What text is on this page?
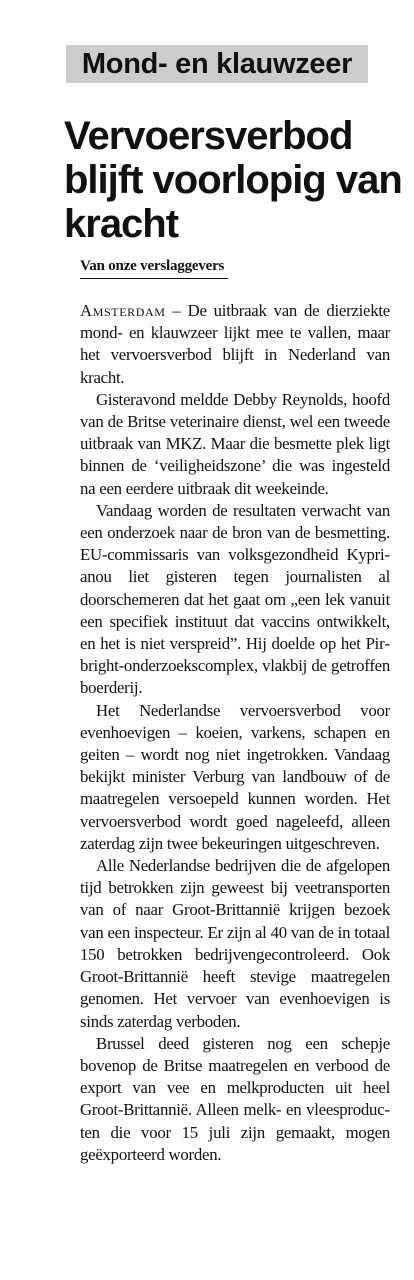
Mond- en klauwzeer
Vervoersverbod blijft voorlopig van kracht
Van onze verslaggevers

Amsterdam – De uitbraak van de dierziekte mond- en klauwzeer lijkt mee te vallen, maar het vervoersverbod blijft in Nederland van kracht.

Gisteravond meldde Debby Reynolds, hoofd van de Britse veterinaire dienst, wel een tweede uitbraak van MKZ. Maar die besmette plek ligt binnen de ‘veiligheidszone’ die was ingesteld na een eerdere uitbraak dit weekeinde.

Vandaag worden de resultaten verwacht van een onderzoek naar de bron van de besmetting. EU-commissaris van volksgezondheid Kyprianou liet gisteren tegen journalisten al doorschemeren dat het gaat om „een lek vanuit een specifiek instituut dat vaccins ontwikkelt, en het is niet verspreid”. Hij doelde op het Pirbright-onderzoekscomplex, vlakbij de getroffen boerderij.

Het Nederlandse vervoersverbod voor evenhoevigen – koeien, varkens, schapen en geiten – wordt nog niet ingetrokken. Vandaag bekijkt minister Verburg van landbouw of de maatregelen versoepeld kunnen worden. Het vervoersverbod wordt goed nageleefd, alleen zaterdag zijn twee bekeuringen uitgeschreven.

Alle Nederlandse bedrijven die de afgelopen tijd betrokken zijn geweest bij veetransporten van of naar Groot-Brittannië krijgen bezoek van een inspecteur. Er zijn al 40 van de in totaal 150 betrokken bedrijvengecontroleerd. Ook Groot-Brittannië heeft stevige maatregelen genomen. Het vervoer van evenhoevigen is sinds zaterdag verboden.

Brussel deed gisteren nog een schepje bovenop de Britse maatregelen en verbood de export van vee en melkproducten uit heel Groot-Brittannië. Alleen melk- en vleesproducten die voor 15 juli zijn gemaakt, mogen geëxporteerd worden.
